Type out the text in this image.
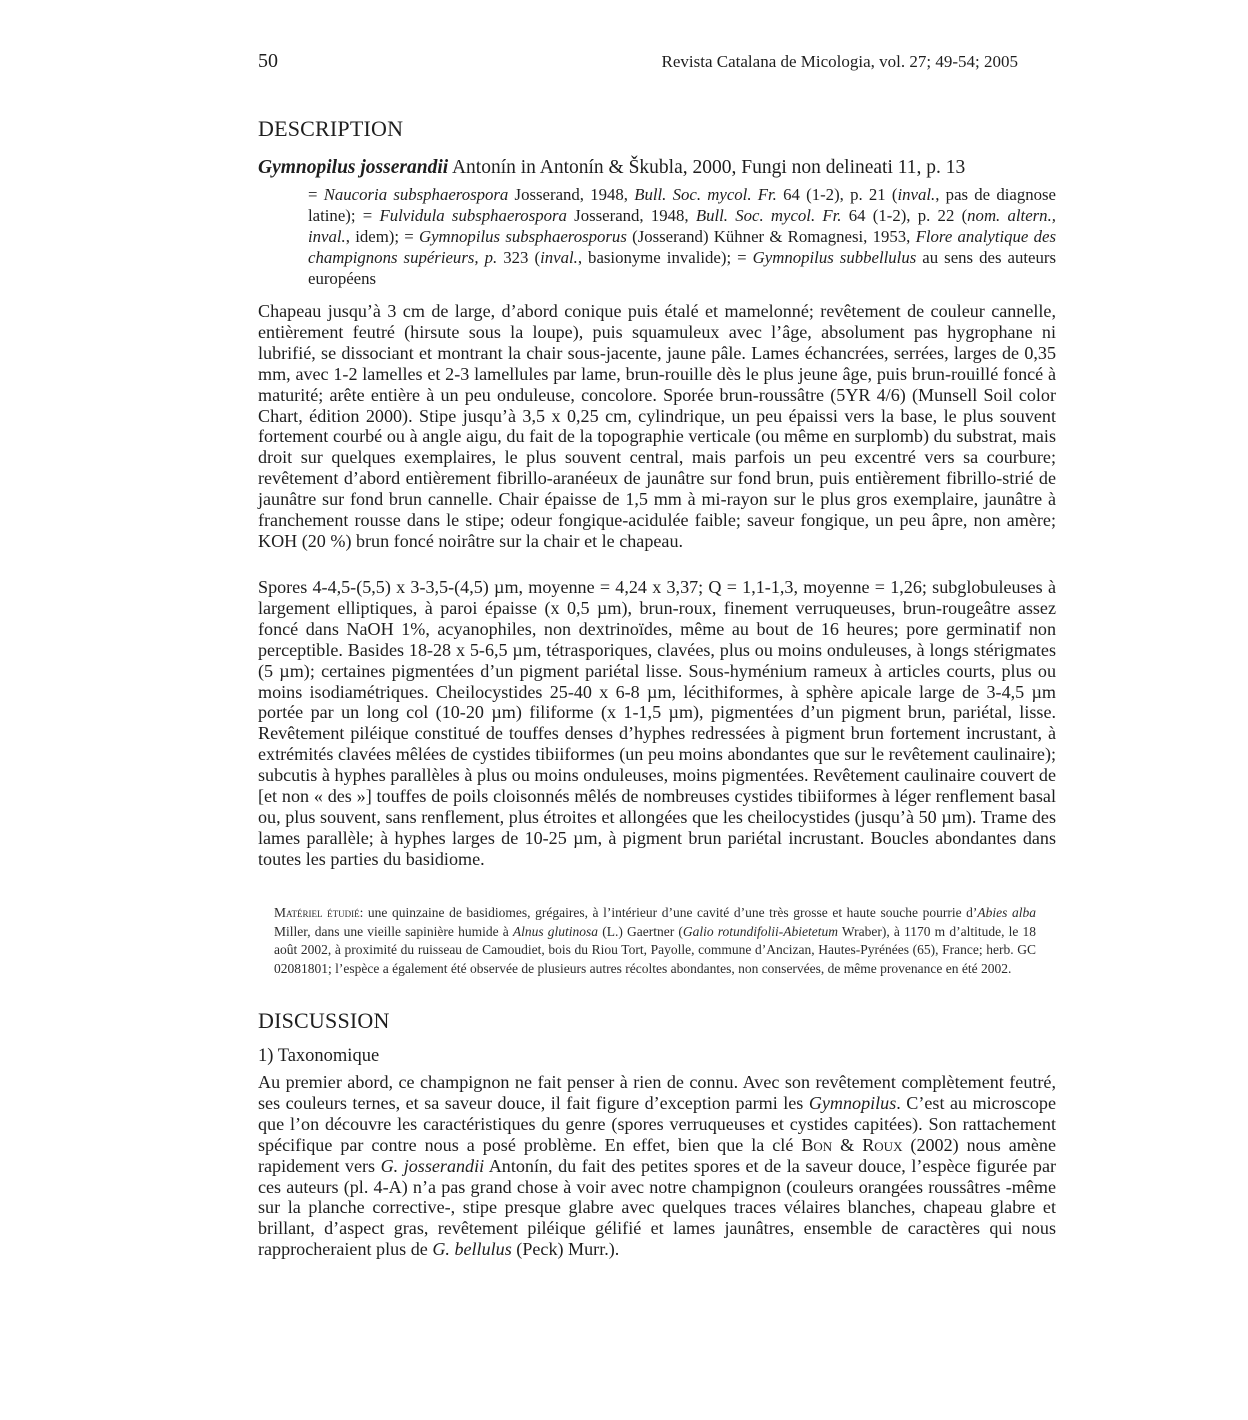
50	Revista Catalana de Micologia, vol. 27; 49-54; 2005
DESCRIPTION
Gymnopilus josserandii Antonín in Antonín & Škubla, 2000, Fungi non delineati 11, p. 13
= Naucoria subsphaerospora Josserand, 1948, Bull. Soc. mycol. Fr. 64 (1-2), p. 21 (inval., pas de diagnose latine); = Fulvidula subsphaerospora Josserand, 1948, Bull. Soc. mycol. Fr. 64 (1-2), p. 22 (nom. altern., inval., idem); = Gymnopilus subsphaerosporus (Josserand) Kühner & Romagnesi, 1953, Flore analytique des champignons supérieurs, p. 323 (inval., basionyme invalide); = Gymnopilus subbellulus au sens des auteurs européens
Chapeau jusqu’à 3 cm de large, d’abord conique puis étalé et mamelonné; revêtement de couleur cannelle, entièrement feutré (hirsute sous la loupe), puis squamuleux avec l’âge, absolument pas hygrophane ni lubrifié, se dissociant et montrant la chair sous-jacente, jaune pâle. Lames échancrées, serrées, larges de 0,35 mm, avec 1-2 lamelles et 2-3 lamellules par lame, brun-rouille dès le plus jeune âge, puis brun-rouillé foncé à maturité; arête entière à un peu onduleuse, concolore. Sporée brun-roussâtre (5YR 4/6) (Munsell Soil color Chart, édition 2000). Stipe jusqu’à 3,5 x 0,25 cm, cylindrique, un peu épaissi vers la base, le plus souvent fortement courbé ou à angle aigu, du fait de la topographie verticale (ou même en surplomb) du substrat, mais droit sur quelques exemplaires, le plus souvent central, mais parfois un peu excentré vers sa courbure; revêtement d’abord entièrement fibrillo-aranéeux de jaunâtre sur fond brun, puis entièrement fibrillo-strié de jaunâtre sur fond brun cannelle. Chair épaisse de 1,5 mm à mi-rayon sur le plus gros exemplaire, jaunâtre à franchement rousse dans le stipe; odeur fongique-acidulée faible; saveur fongique, un peu âpre, non amère; KOH (20 %) brun foncé noirâtre sur la chair et le chapeau.
Spores 4-4,5-(5,5) x 3-3,5-(4,5) µm, moyenne = 4,24 x 3,37; Q = 1,1-1,3, moyenne = 1,26; subglobuleuses à largement elliptiques, à paroi épaisse (x 0,5 µm), brun-roux, finement verruqueuses, brun-rougeâtre assez foncé dans NaOH 1%, acyanophiles, non dextrinoïdes, même au bout de 16 heures; pore germinatif non perceptible. Basides 18-28 x 5-6,5 µm, tétrasporiques, clavées, plus ou moins onduleuses, à longs stérigmates (5 µm); certaines pigmentées d’un pigment pariétal lisse. Sous-hyménium rameux à articles courts, plus ou moins isodiamétriques. Cheilocystides 25-40 x 6-8 µm, lécithiformes, à sphère apicale large de 3-4,5 µm portée par un long col (10-20 µm) filiforme (x 1-1,5 µm), pigmentées d’un pigment brun, pariétal, lisse. Revêtement piléique constitué de touffes denses d’hyphes redressées à pigment brun fortement incrustant, à extrémités clavées mêlées de cystides tibiiformes (un peu moins abondantes que sur le revêtement caulinaire); subcutis à hyphes parallèles à plus ou moins onduleuses, moins pigmentées. Revêtement caulinaire couvert de [et non « des »] touffes de poils cloisonnés mêlés de nombreuses cystides tibiiformes à léger renflement basal ou, plus souvent, sans renflement, plus étroites et allongées que les cheilocystides (jusqu’à 50 µm). Trame des lames parallèle; à hyphes larges de 10-25 µm, à pigment brun pariétal incrustant. Boucles abondantes dans toutes les parties du basidiome.
Matériel étudié: une quinzaine de basidiomes, grégaires, à l’intérieur d’une cavité d’une très grosse et haute souche pourrie d’Abies alba Miller, dans une vieille sapinière humide à Alnus glutinosa (L.) Gaertner (Galio rotundifolii-Abietetum Wraber), à 1170 m d’altitude, le 18 août 2002, à proximité du ruisseau de Camoudiet, bois du Riou Tort, Payolle, commune d’Ancizan, Hautes-Pyrénées (65), France; herb. GC 02081801; l’espèce a également été observée de plusieurs autres récoltes abondantes, non conservées, de même provenance en été 2002.
DISCUSSION
1) Taxonomique
Au premier abord, ce champignon ne fait penser à rien de connu. Avec son revêtement complètement feutré, ses couleurs ternes, et sa saveur douce, il fait figure d’exception parmi les Gymnopilus. C’est au microscope que l’on découvre les caractéristiques du genre (spores verruqueuses et cystides capitées). Son rattachement spécifique par contre nous a posé problème. En effet, bien que la clé Bon & Roux (2002) nous amène rapidement vers G. josserandii Antonín, du fait des petites spores et de la saveur douce, l’espèce figurée par ces auteurs (pl. 4-A) n’a pas grand chose à voir avec notre champignon (couleurs orangées roussâtres -même sur la planche corrective-, stipe presque glabre avec quelques traces vélaires blanches, chapeau glabre et brillant, d’aspect gras, revêtement piléique gélifié et lames jaunâtres, ensemble de caractères qui nous rapprocheraient plus de G. bellulus (Peck) Murr.).
